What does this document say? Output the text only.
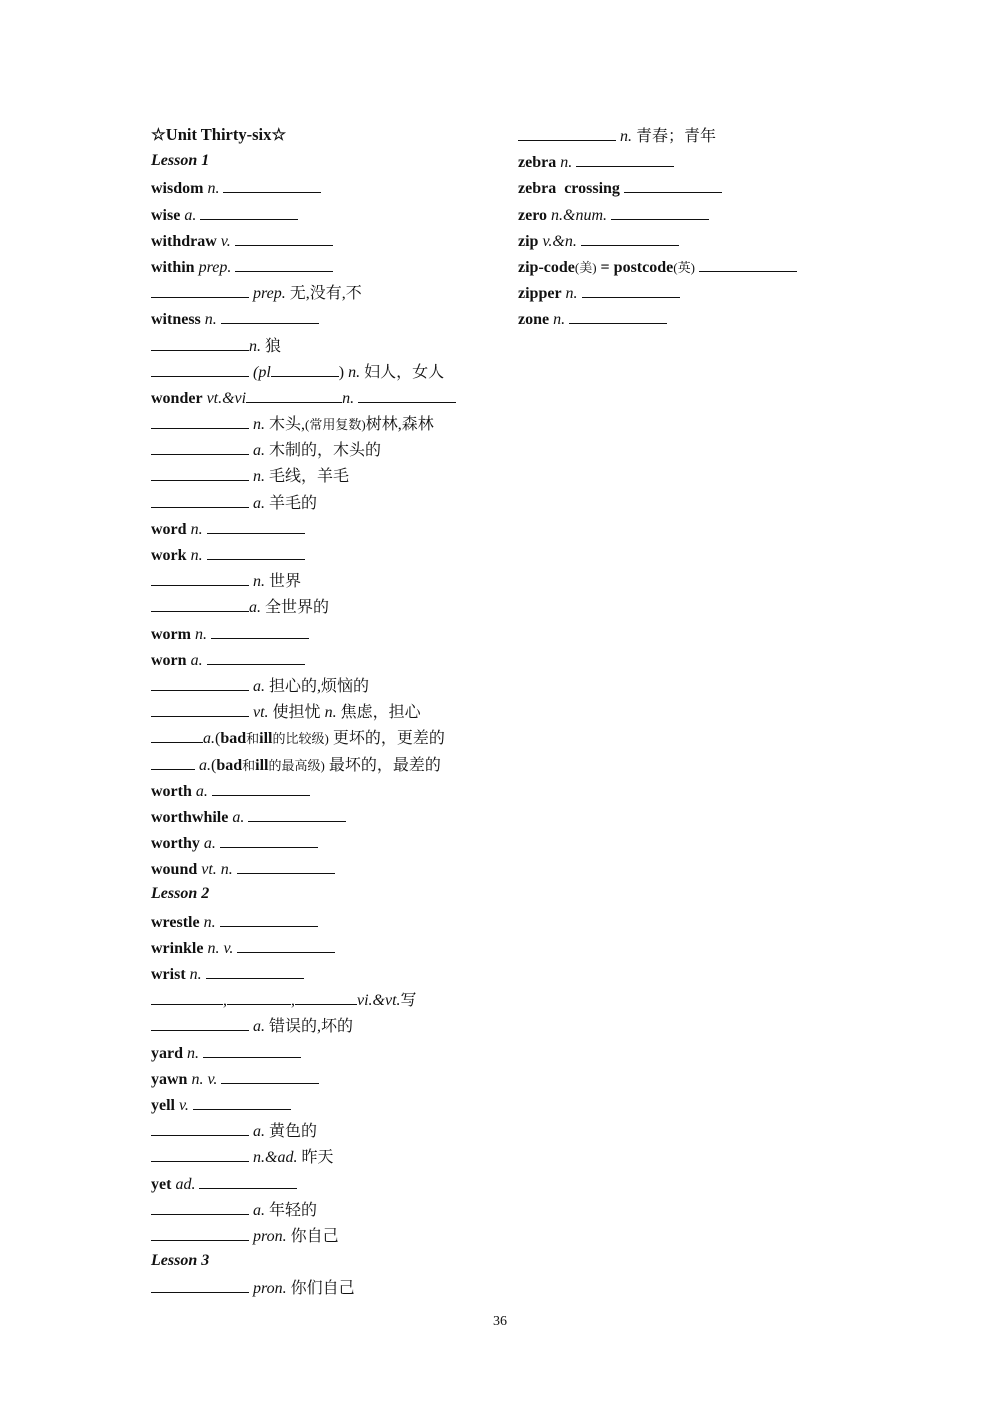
☆Unit Thirty-six☆
Lesson 1
wisdom n.
wise a.
withdraw v.
within prep.
prep. 无,没有,不
witness n.
n. 狼
(pl	) n. 妇人，女人
wonder vt.&vi	n.
n. 木头,(常用复数)树林,森林
a. 木制的，木头的
n. 毛线，羊毛
a. 羊毛的
word n.
work n.
n. 世界
a. 全世界的
worm n.
worn a.
a. 担心的,烦恼的
vt. 使担忧 n. 焦虑，担心
a.(bad和ill的比较级) 更坏的，更差的
a.(bad和ill的最高级) 最坏的，最差的
worth a.
worthwhile a.
worthy a.
wound vt. n.
Lesson 2
wrestle n.
wrinkle n. v.
wrist n.
,	,	vi.&vt.写
a. 错误的,坏的
yard n.
yawn n. v.
yell v.
a. 黄色的
n.&ad. 昨天
yet ad.
a. 年轻的
pron. 你自己
Lesson 3
pron. 你们自己
n. 青春；青年
zebra n.
zebra  crossing
zero n.&num.
zip v.&n.
zip-code(美) = postcode(英)
zipper n.
zone n.
36
